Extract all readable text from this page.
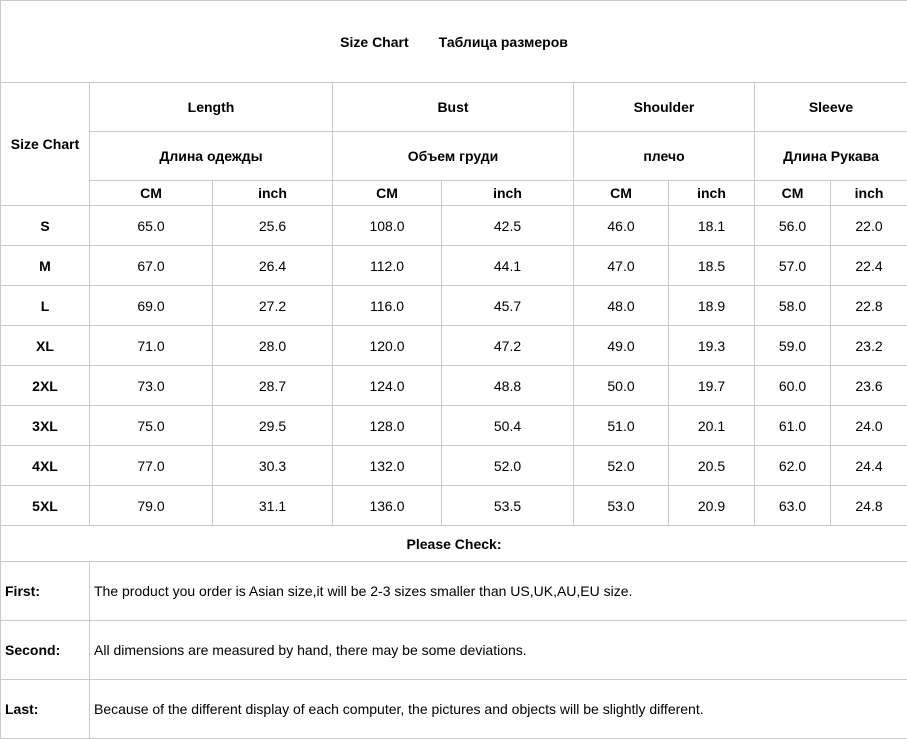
Size Chart Таблица размеров								
Size Chart	Length		Bust		Shoulder		Sleeve	
	Длина одежды		Объем груди		плечо		Длина Рукава	
	CM	inch	CM	inch	CM	inch	CM	inch
S	65.0	25.6	108.0	42.5	46.0	18.1	56.0	22.0
M	67.0	26.4	112.0	44.1	47.0	18.5	57.0	22.4
L	69.0	27.2	116.0	45.7	48.0	18.9	58.0	22.8
XL	71.0	28.0	120.0	47.2	49.0	19.3	59.0	23.2
2XL	73.0	28.7	124.0	48.8	50.0	19.7	60.0	23.6
3XL	75.0	29.5	128.0	50.4	51.0	20.1	61.0	24.0
4XL	77.0	30.3	132.0	52.0	52.0	20.5	62.0	24.4
5XL	79.0	31.1	136.0	53.5	53.0	20.9	63.0	24.8
Please Check:								
First:	The product you order is Asian size,it will be 2-3 sizes smaller than US,UK,AU,EU size.							
Second:	All dimensions are measured by hand, there may be some deviations.							
Last:	Because of the different display of each computer, the pictures and objects will be slightly different.							
